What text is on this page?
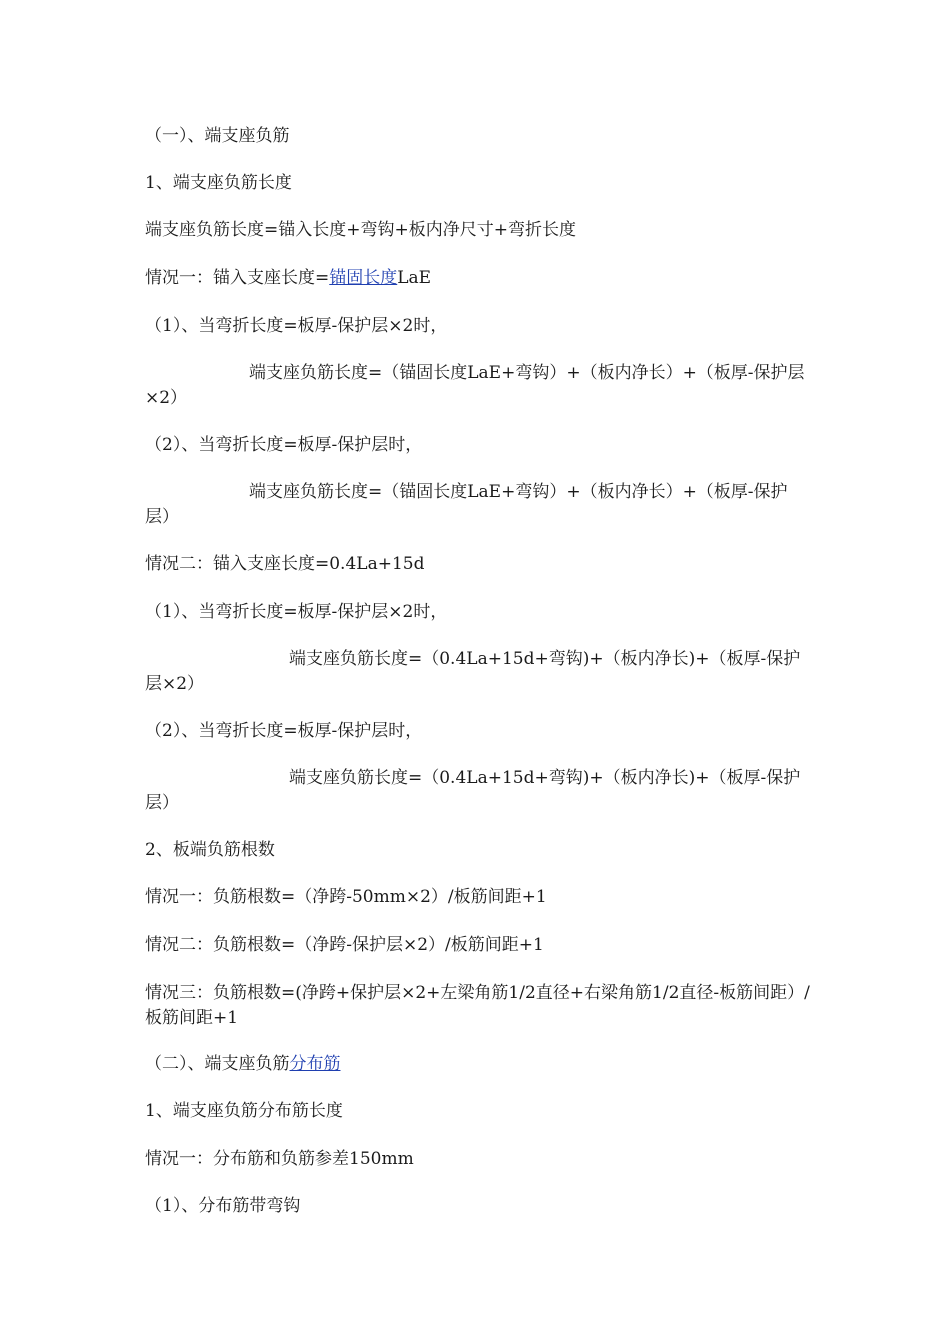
（一）、端支座负筋
1、端支座负筋长度
端支座负筋长度=锚入长度+弯钩+板内净尺寸+弯折长度
情况一：锚入支座长度=锚固长度LaE
（1）、当弯折长度=板厚-保护层×2时，
端支座负筋长度=（锚固长度LaE+弯钩）+（板内净长）+（板厚-保护层×2）
（2）、当弯折长度=板厚-保护层时，
端支座负筋长度=（锚固长度LaE+弯钩）+（板内净长）+（板厚-保护层）
情况二：锚入支座长度=0.4La+15d
（1）、当弯折长度=板厚-保护层×2时，
端支座负筋长度=（0.4La+15d+弯钩)+（板内净长)+（板厚-保护层×2）
（2）、当弯折长度=板厚-保护层时，
端支座负筋长度=（0.4La+15d+弯钩)+（板内净长)+（板厚-保护层）
2、板端负筋根数
情况一：负筋根数=（净跨-50mm×2）/板筋间距+1
情况二：负筋根数=（净跨-保护层×2）/板筋间距+1
情况三：负筋根数=(净跨+保护层×2+左梁角筋1/2直径+右梁角筋1/2直径-板筋间距）/板筋间距+1
（二）、端支座负筋分布筋
1、端支座负筋分布筋长度
情况一：分布筋和负筋参差150mm
（1）、分布筋带弯钩
